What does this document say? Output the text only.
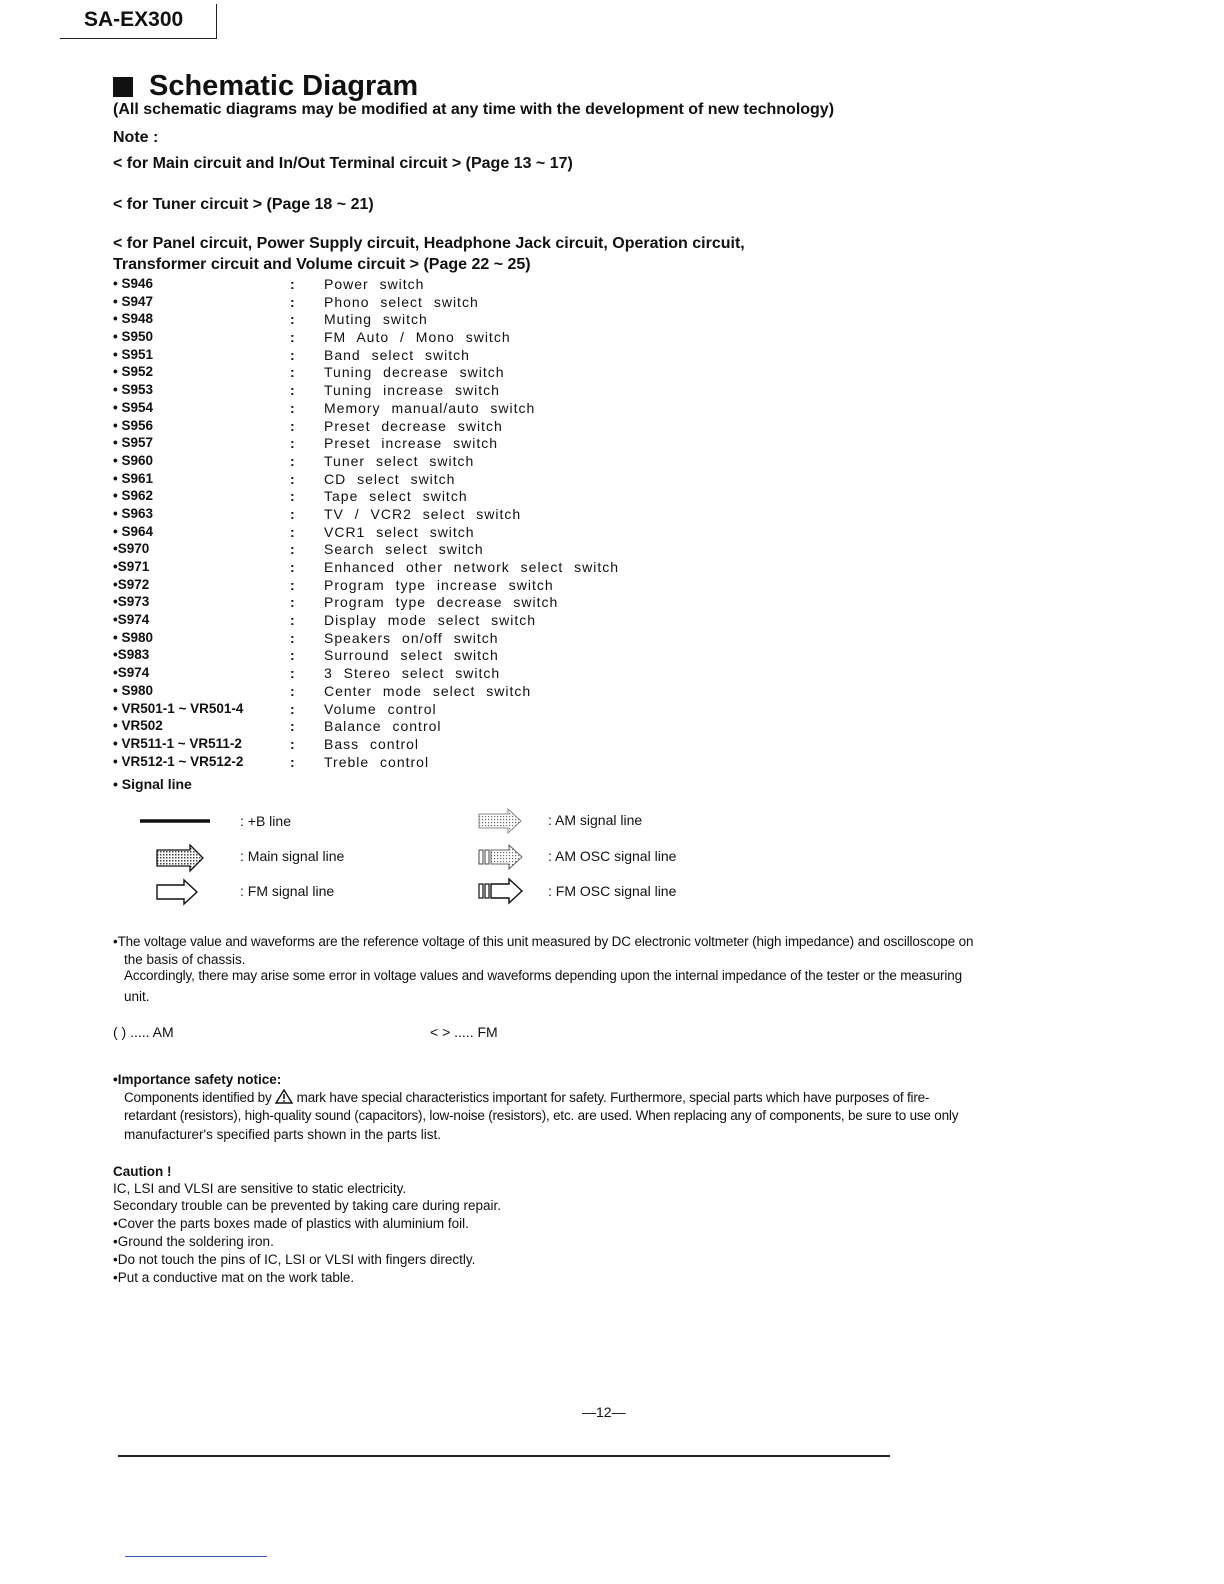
SA-EX300
Schematic Diagram
(All schematic diagrams may be modified at any time with the development of new technology)
Note :
< for Main circuit and In/Out Terminal circuit > (Page 13 ~ 17)
< for Tuner circuit > (Page 18 ~ 21)
< for Panel circuit, Power Supply circuit, Headphone Jack circuit, Operation circuit,
Transformer circuit and Volume circuit > (Page 22 ~ 25)
• S946	: Power switch
• S947	: Phono select switch
• S948	: Muting switch
• S950	: FM Auto / Mono switch
• S951	: Band select switch
• S952	: Tuning decrease switch
• S953	: Tuning increase switch
• S954	: Memory manual/auto switch
• S956	: Preset decrease switch
• S957	: Preset increase switch
• S960	: Tuner select switch
• S961	: CD select switch
• S962	: Tape select switch
• S963	: TV / VCR2 select switch
• S964	: VCR1 select switch
•S970	: Search select switch
•S971	: Enhanced other network select switch
•S972	: Program type increase switch
•S973	: Program type decrease switch
•S974	: Display mode select switch
• S980	: Speakers on/off switch
•S983	: Surround select switch
•S974	: 3 Stereo select switch
• S980	: Center mode select switch
• VR501-1 ~ VR501-4	: Volume control
• VR502	: Balance control
• VR511-1 ~ VR511-2	: Bass control
• VR512-1 ~ VR512-2	: Treble control
• Signal line
: +B line
: Main signal line
: FM signal line
: AM signal line
: AM OSC signal line
: FM OSC signal line
•The voltage value and waveforms are the reference voltage of this unit measured by DC electronic voltmeter (high impedance) and oscilloscope on
the basis of chassis.
Accordingly, there may arise some error in voltage values and waveforms depending upon the internal impedance of the tester or the measuring
unit.
( ) ..... AM	< > ..... FM
•Importance safety notice:
Components identified by  mark have special characteristics important for safety. Furthermore, special parts which have purposes of fire-
retardant (resistors), high-quality sound (capacitors), low-noise (resistors), etc. are used. When replacing any of components, be sure to use only
manufacturer's specified parts shown in the parts list.
Caution !
IC, LSI and VLSI are sensitive to static electricity.
Secondary trouble can be prevented by taking care during repair.
•Cover the parts boxes made of plastics with aluminium foil.
•Ground the soldering iron.
•Do not touch the pins of IC, LSI or VLSI with fingers directly.
•Put a conductive mat on the work table.
—12—
